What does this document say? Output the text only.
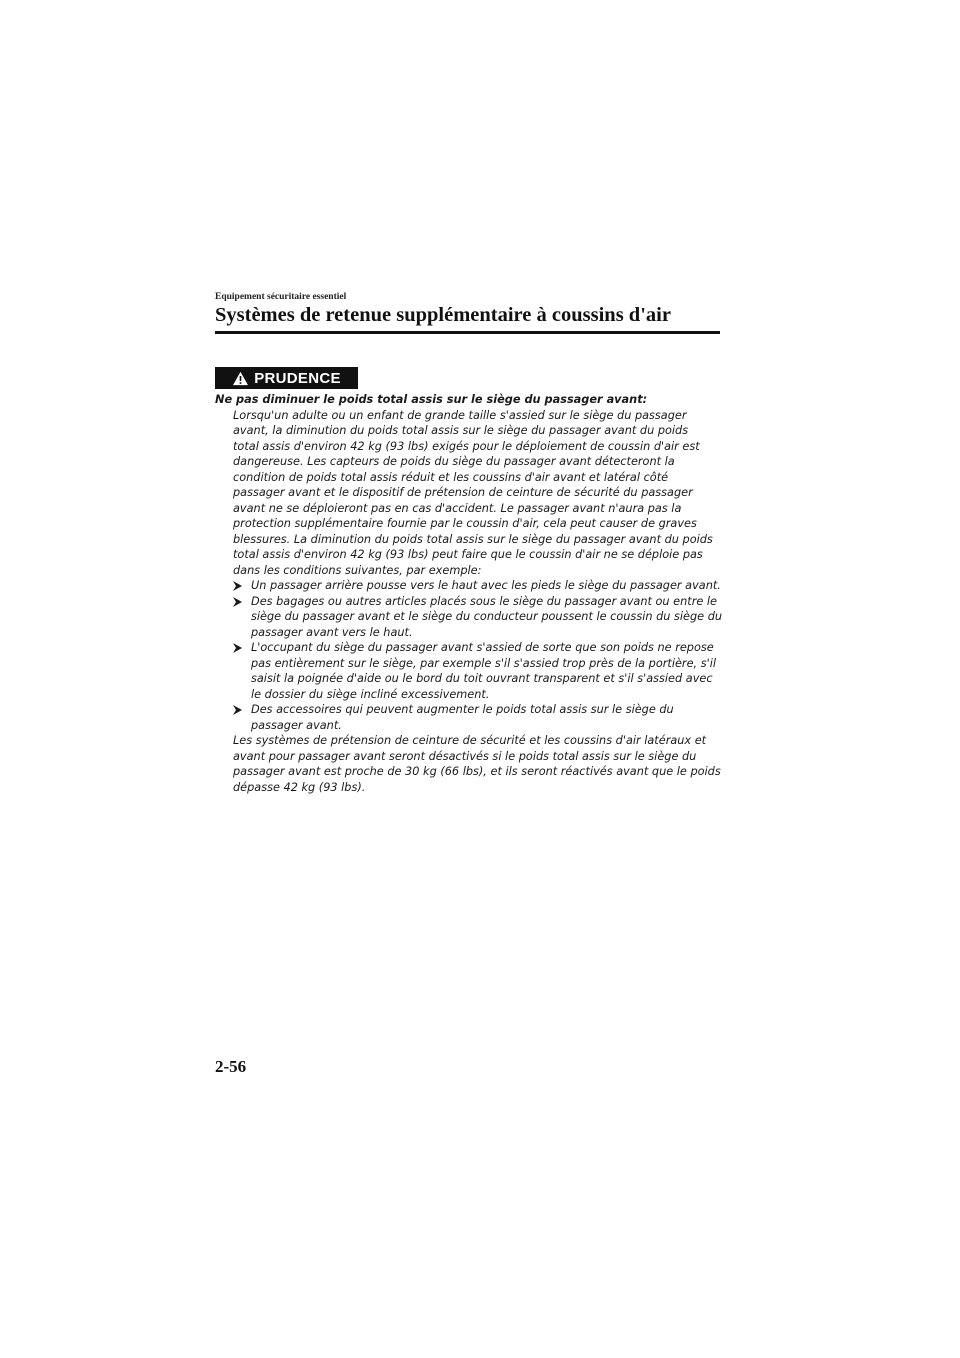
Equipement sécuritaire essentiel
Systèmes de retenue supplémentaire à coussins d'air
PRUDENCE

Ne pas diminuer le poids total assis sur le siège du passager avant:

Lorsqu'un adulte ou un enfant de grande taille s'assied sur le siège du passager
avant, la diminution du poids total assis sur le siège du passager avant du poids
total assis d'environ 42 kg (93 lbs) exigés pour le déploiement de coussin d'air est
dangereuse. Les capteurs de poids du siège du passager avant détecteront la
condition de poids total assis réduit et les coussins d'air avant et latéral côté
passager avant et le dispositif de prétension de ceinture de sécurité du passager
avant ne se déploieront pas en cas d'accident. Le passager avant n'aura pas la
protection supplémentaire fournie par le coussin d'air, cela peut causer de graves
blessures. La diminution du poids total assis sur le siège du passager avant du poids
total assis d'environ 42 kg (93 lbs) peut faire que le coussin d'air ne se déploie pas
dans les conditions suivantes, par exemple:

Un passager arrière pousse vers le haut avec les pieds le siège du passager avant.
Des bagages ou autres articles placés sous le siège du passager avant ou entre le
siège du passager avant et le siège du conducteur poussent le coussin du siège du
passager avant vers le haut.
L'occupant du siège du passager avant s'assied de sorte que son poids ne repose
pas entièrement sur le siège, par exemple s'il s'assied trop près de la portière, s'il
saisit la poignée d'aide ou le bord du toit ouvrant transparent et s'il s'assied avec
le dossier du siège incliné excessivement.
Des accessoires qui peuvent augmenter le poids total assis sur le siège du
passager avant.

Les systèmes de prétension de ceinture de sécurité et les coussins d'air latéraux et
avant pour passager avant seront désactivés si le poids total assis sur le siège du
passager avant est proche de 30 kg (66 lbs), et ils seront réactivés avant que le poids
dépasse 42 kg (93 lbs).

2-56
